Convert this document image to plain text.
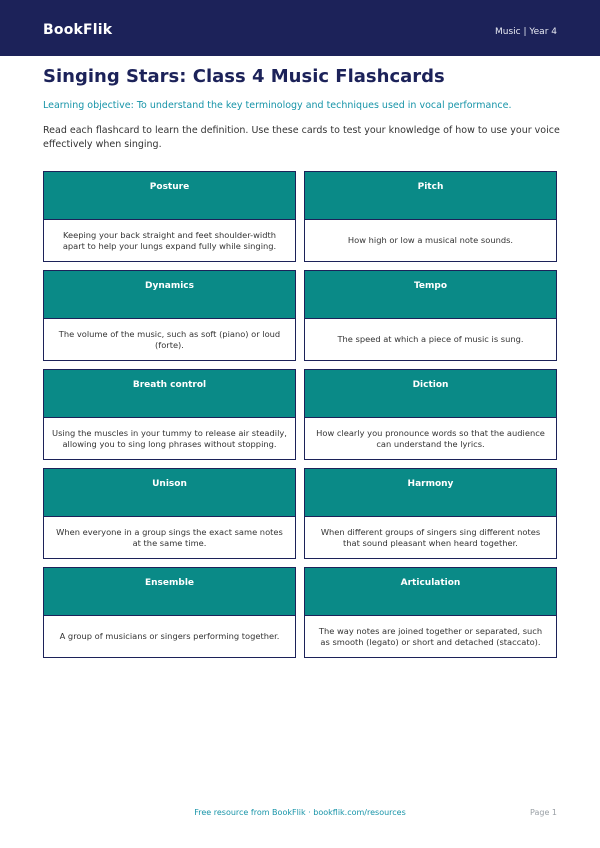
BookFlik	Music | Year 4
Singing Stars: Class 4 Music Flashcards

Learning objective: To understand the key terminology and techniques used in vocal performance.

Read each flashcard to learn the definition. Use these cards to test your knowledge of how to use your voice effectively when singing.

Posture
Keeping your back straight and feet shoulder-width apart to help your lungs expand fully while singing.
Pitch
How high or low a musical note sounds.
Dynamics
The volume of the music, such as soft (piano) or loud (forte).
Tempo
The speed at which a piece of music is sung.
Breath control
Using the muscles in your tummy to release air steadily, allowing you to sing long phrases without stopping.
Diction
How clearly you pronounce words so that the audience can understand the lyrics.
Unison
When everyone in a group sings the exact same notes at the same time.
Harmony
When different groups of singers sing different notes that sound pleasant when heard together.
Ensemble
A group of musicians or singers performing together.
Articulation
The way notes are joined together or separated, such as smooth (legato) or short and detached (staccato).
Free resource from BookFlik · bookflik.com/resources	Page 1
